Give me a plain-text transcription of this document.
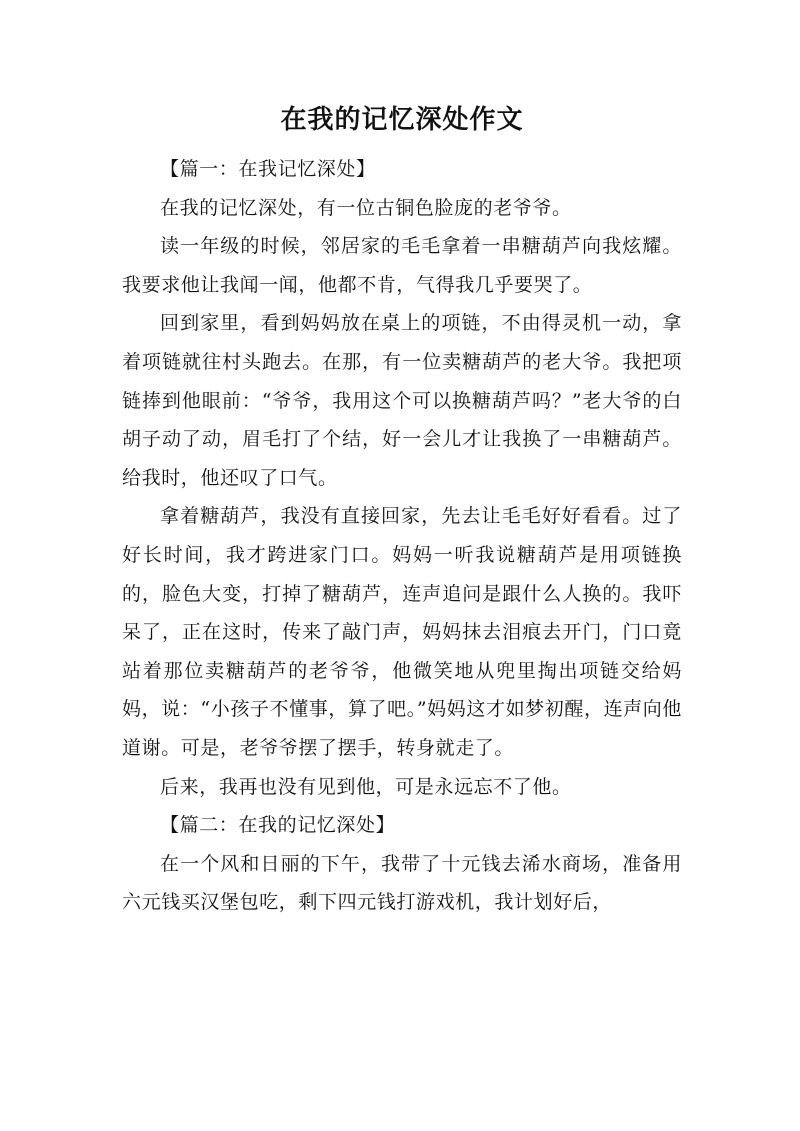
在我的记忆深处作文

【篇一：在我记忆深处】

在我的记忆深处，有一位古铜色脸庞的老爷爷。

读一年级的时候，邻居家的毛毛拿着一串糖葫芦向我炫耀。我要求他让我闻一闻，他都不肯，气得我几乎要哭了。

回到家里，看到妈妈放在桌上的项链，不由得灵机一动，拿着项链就往村头跑去。在那，有一位卖糖葫芦的老大爷。我把项链捧到他眼前：“爷爷，我用这个可以换糖葫芦吗？”老大爷的白胡子动了动，眉毛打了个结，好一会儿才让我换了一串糖葫芦。给我时，他还叹了口气。

拿着糖葫芦，我没有直接回家，先去让毛毛好好看看。过了好长时间，我才跨进家门口。妈妈一听我说糖葫芦是用项链换的，脸色大变，打掉了糖葫芦，连声追问是跟什么人换的。我吓呆了，正在这时，传来了敲门声，妈妈抹去泪痕去开门，门口竟站着那位卖糖葫芦的老爷爷，他微笑地从兜里掏出项链交给妈妈，说：“小孩子不懂事，算了吧。”妈妈这才如梦初醒，连声向他道谢。可是，老爷爷摆了摆手，转身就走了。

后来，我再也没有见到他，可是永远忘不了他。

【篇二：在我的记忆深处】

在一个风和日丽的下午，我带了十元钱去浠水商场，准备用六元钱买汉堡包吃，剩下四元钱打游戏机，我计划好后，
